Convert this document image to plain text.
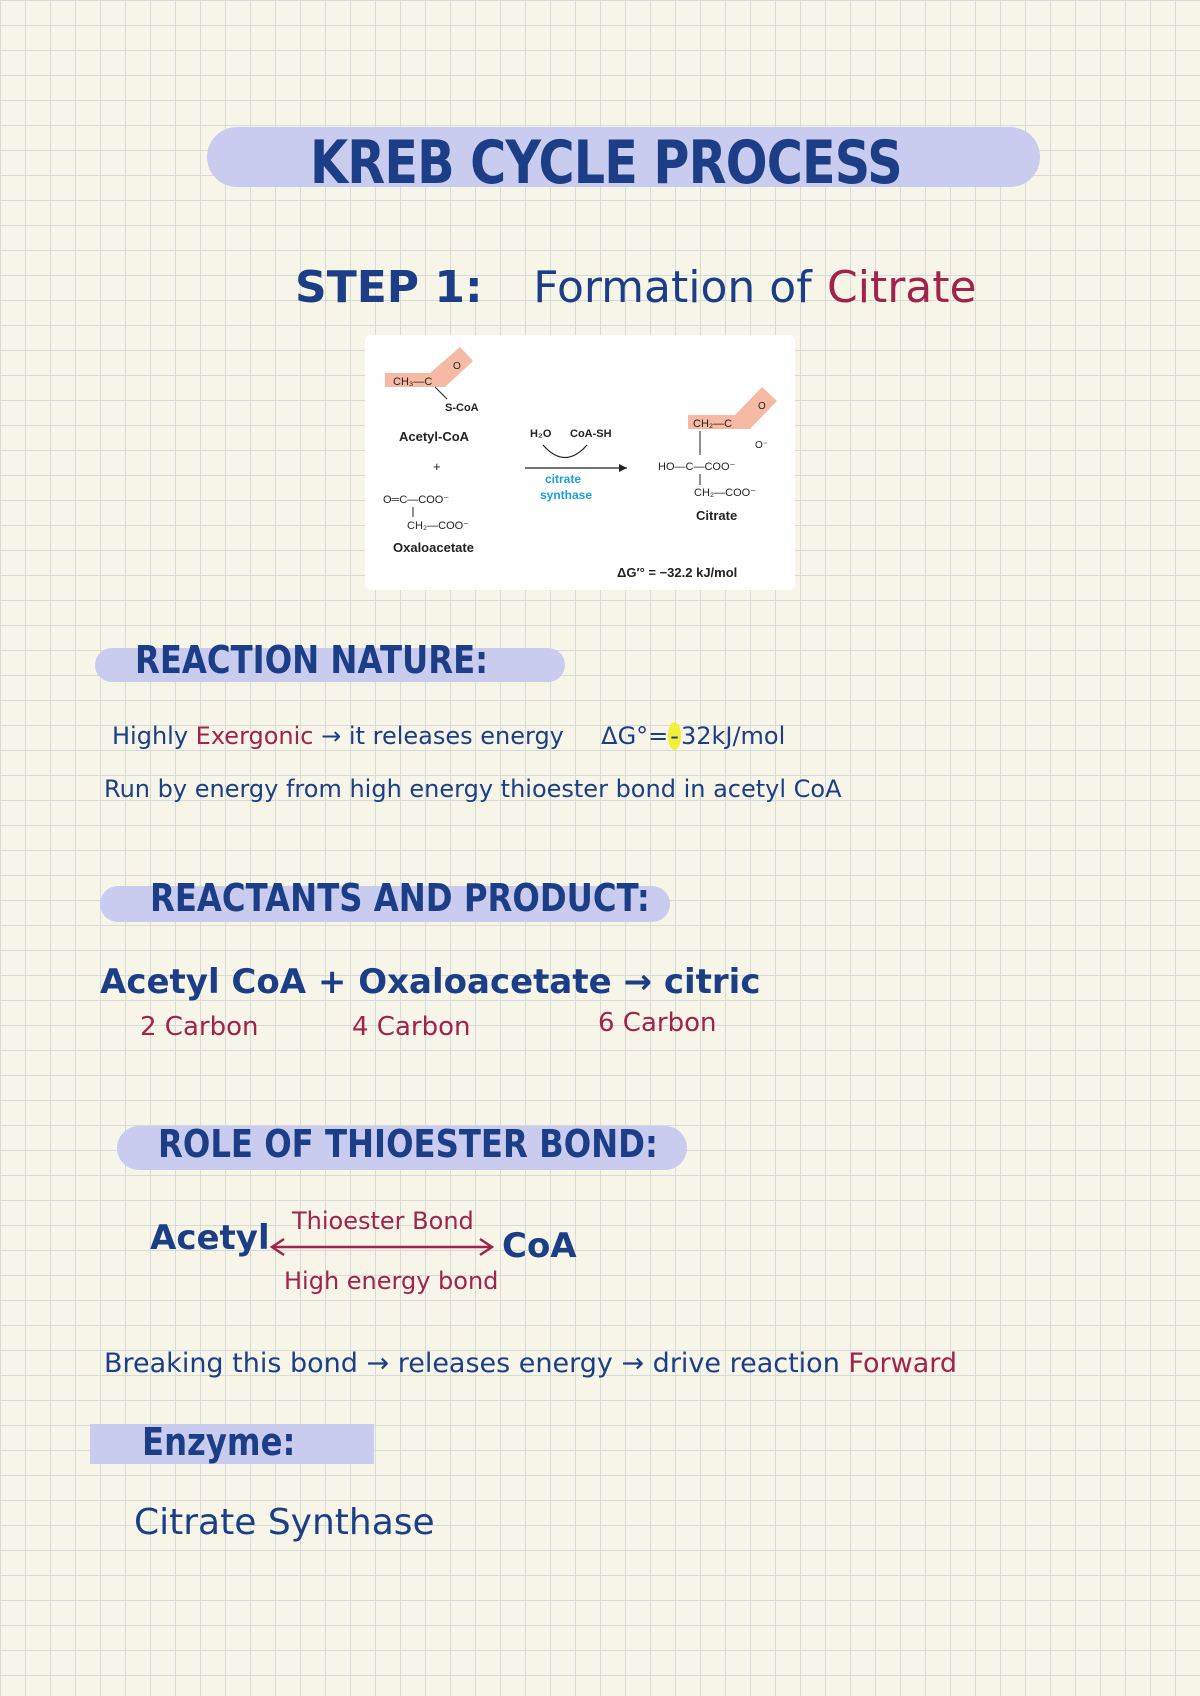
KREB CYCLE PROCESS
STEP 1: Formation of Citrate
CH₃—C
O
S-CoA
Acetyl-CoA
+
O═C—COO⁻
CH₂—COO⁻
Oxaloacetate
H₂O CoA-SH
citrate
synthase
CH₂—C
O
O⁻
HO—C—COO⁻
CH₂—COO⁻
Citrate
ΔG′° = −32.2 kJ/mol
REACTION NATURE:
Highly Exergonic → it releases energy ΔG°=-32kJ/mol
Run by energy from high energy thioester bond in acetyl CoA
REACTANTS AND PRODUCT:
Acetyl CoA + Oxaloacetate → citric
2 Carbon	4 Carbon	6 Carbon
ROLE OF THIOESTER BOND:
Acetyl Thioester Bond
CoA
High energy bond
Breaking this bond → releases energy → drive reaction Forward
Enzyme:
Citrate Synthase
